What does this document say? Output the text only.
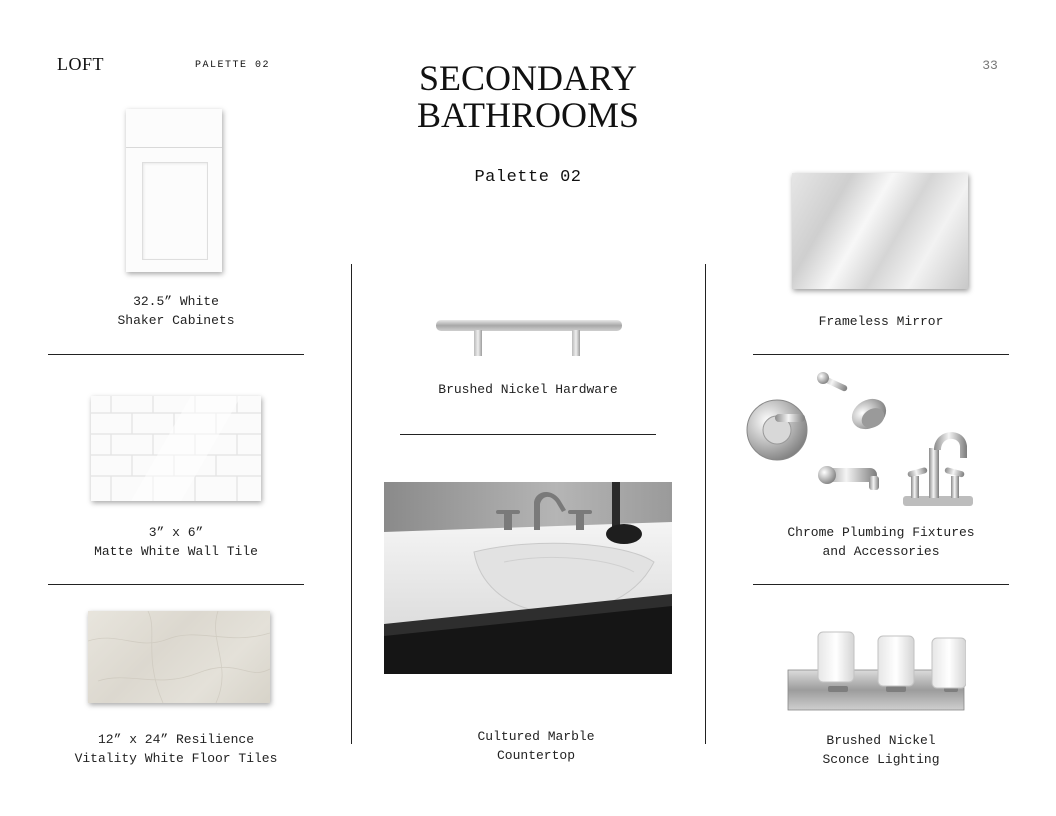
LOFT	PALETTE 02	33
SECONDARY
BATHROOMS
Palette 02
32.5” White
Shaker Cabinets
3” x 6”
Matte White Wall Tile
12” x 24” Resilience
Vitality White Floor Tiles
Brushed Nickel Hardware
Cultured Marble
Countertop
Frameless Mirror
Chrome Plumbing Fixtures
and Accessories
Brushed Nickel
Sconce Lighting
